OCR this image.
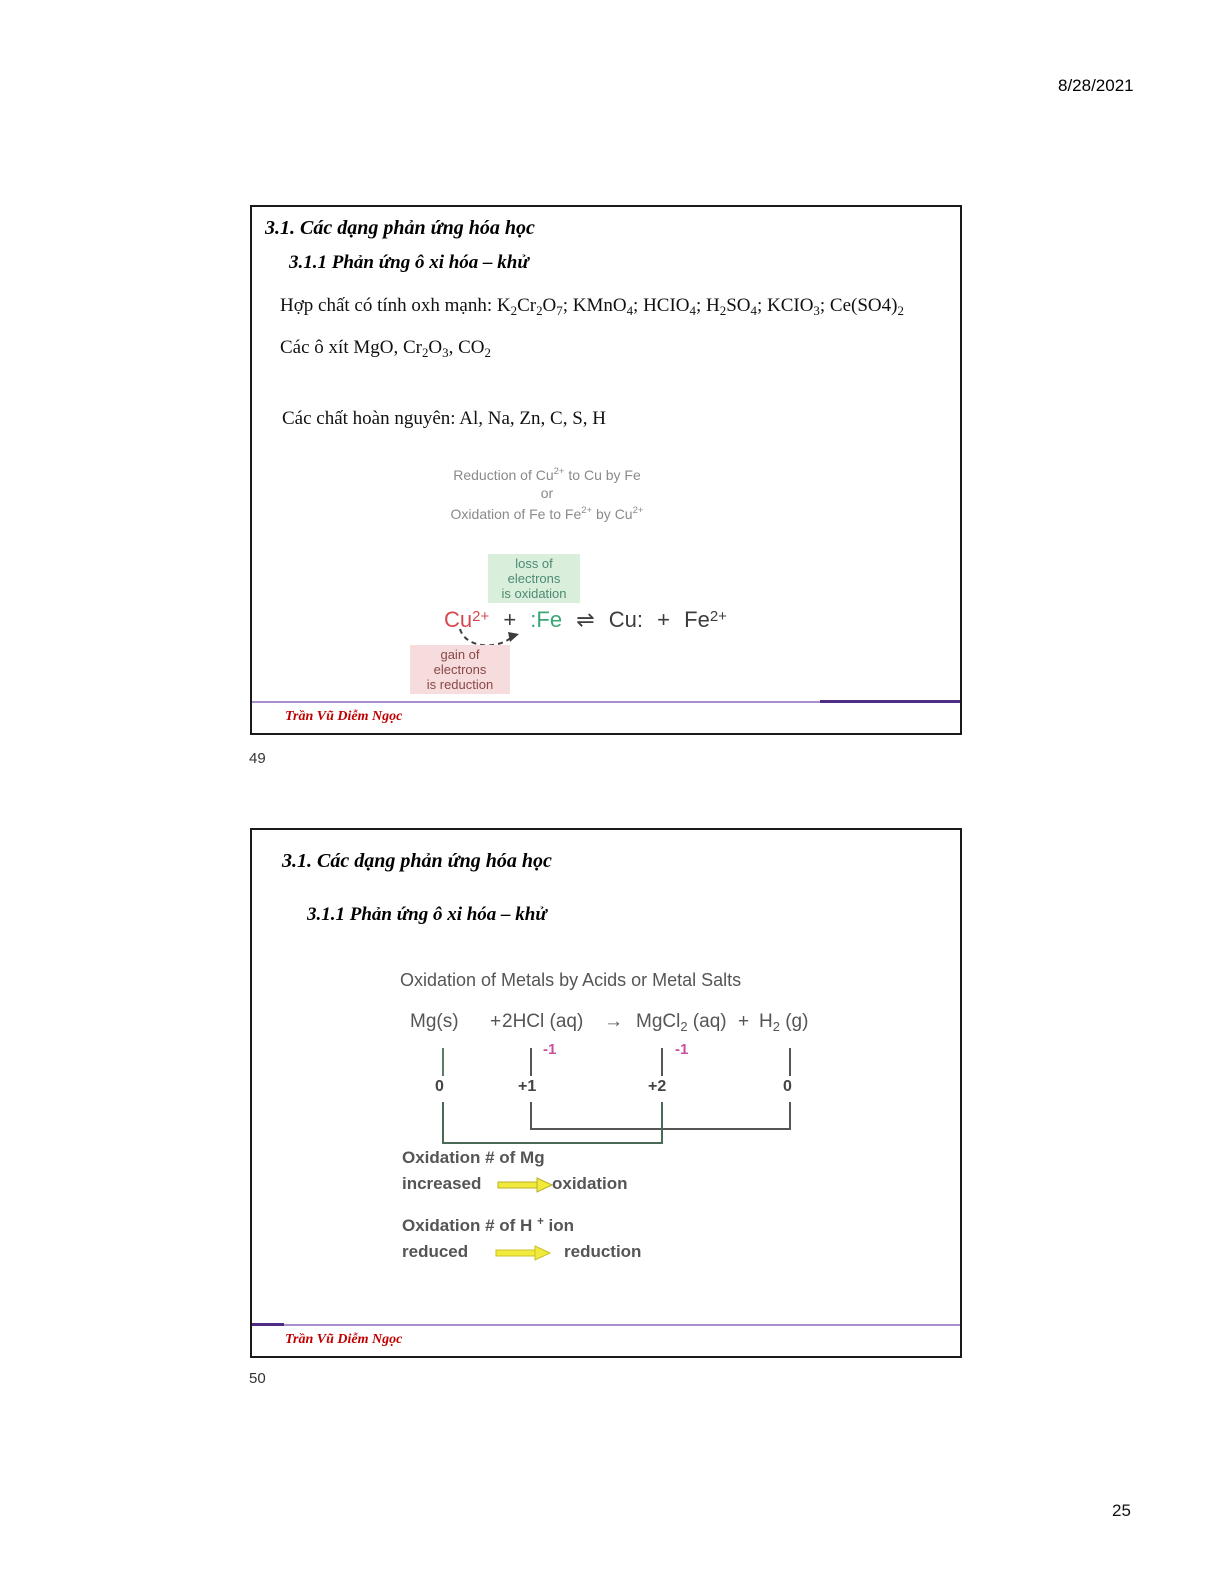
8/28/2021
3.1. Các dạng phản ứng hóa học
3.1.1 Phản ứng ô xi hóa – khử

Hợp chất có tính oxh mạnh: $K_2Cr_2O_7$; KMnO$_4$; $HCIO_4$; $H_2SO_4$; $KCIO_3$; $Ce(SO4)_2$

Các ô xít MgO, $Cr_2O_3$, $CO_2$

Các chất hoàn nguyên: Al, Na, Zn, C, S, H

Reduction of $Cu^{2+}$ to Cu by Fe
or
Oxidation of Fe to $Fe^{2+}$ by $Cu^{2+}$
loss of
electrons
is oxidation
$Cu^{2+}$ + :Fe ⇌ Cu: + $Fe^{2+}$
gain of
electrons
is reduction
Trần Vũ Diễm Ngọc
49
3.1. Các dạng phản ứng hóa học
3.1.1 Phản ứng ô xi hóa – khử
Oxidation of Metals by Acids or Metal Salts
Mg(s) + 2HCl (aq) → MgCl$_2$ $(aq) + H_2$ (g)
-1	-1
0	+1	+2	0
Oxidation # of Mg
increased	oxidation
Oxidation # of H + ion
reduced	reduction
Trần Vũ Diễm Ngọc
50
25
